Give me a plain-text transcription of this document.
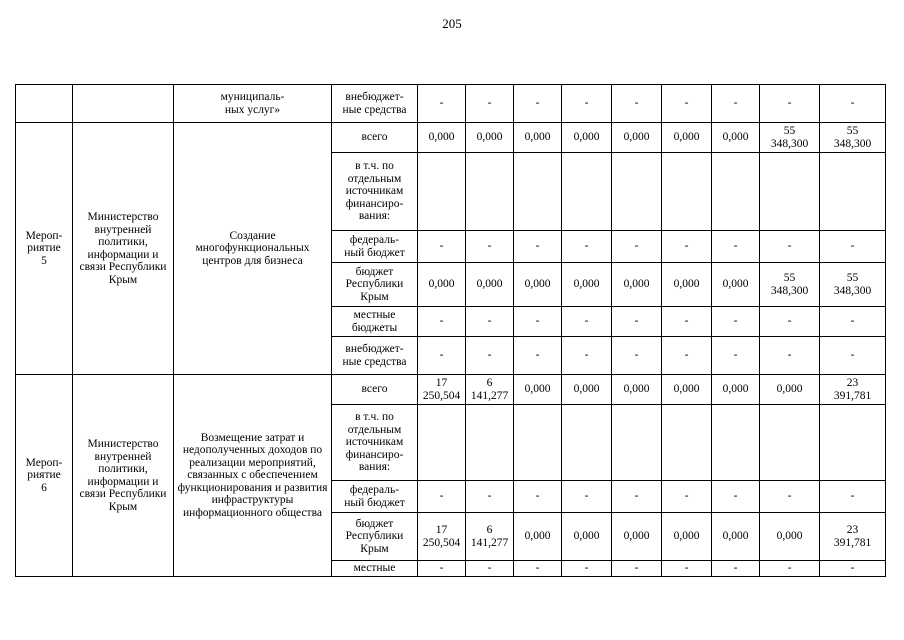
205
		муниципаль-
ных услуг»	внебюджет-
ные средства	-	-	-	-	-	-	-	-	-
Мероп-
риятие
5	Министерство внутренней политики, информации и связи Республики Крым	Создание многофункциональных центров для бизнеса	всего	0,000	0,000	0,000	0,000	0,000	0,000	0,000	55
348,300	55
348,300
			в т.ч. по
отдельным
источникам
финансиро-
вания:									
			федераль-
ный бюджет	-	-	-	-	-	-	-	-	-
			бюджет
Республики
Крым	0,000	0,000	0,000	0,000	0,000	0,000	0,000	55
348,300	55
348,300
			местные
бюджеты	-	-	-	-	-	-	-	-	-
			внебюджет-
ные средства	-	-	-	-	-	-	-	-	-
Мероп-
риятие
6	Министерство внутренней политики, информации и связи Республики Крым	Возмещение затрат и недополученных доходов по реализации мероприятий, связанных с обеспечением функционирования и развития инфраструктуры информационного общества	всего	17
250,504	6
141,277	0,000	0,000	0,000	0,000	0,000	0,000	23
391,781
			в т.ч. по
отдельным
источникам
финансиро-
вания:									
			федераль-
ный бюджет	-	-	-	-	-	-	-	-	-
			бюджет
Республики
Крым	17
250,504	6
141,277	0,000	0,000	0,000	0,000	0,000	0,000	23
391,781
			местные	-	-	-	-	-	-	-	-	-
